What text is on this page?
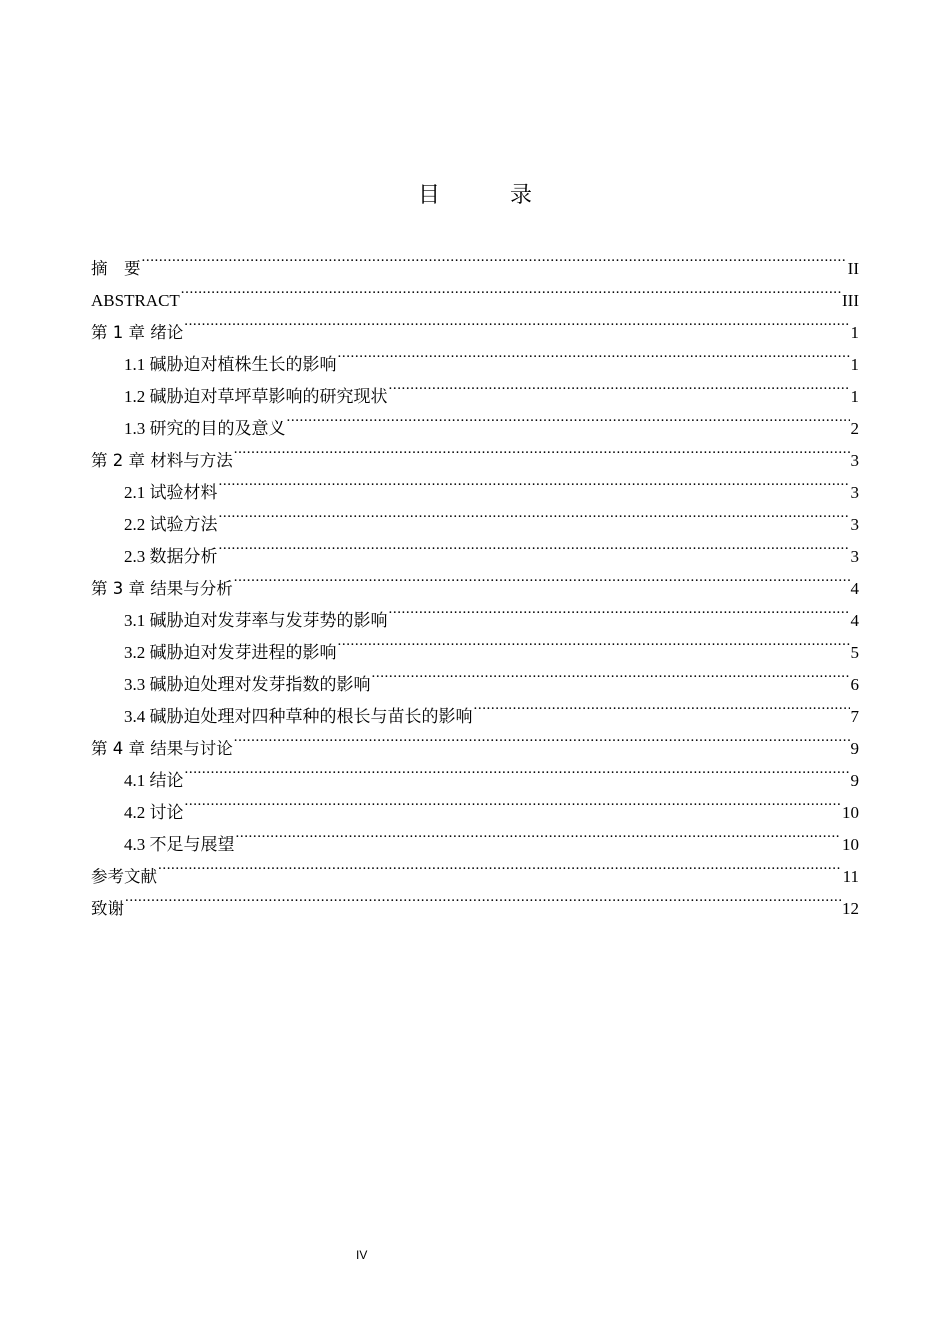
目　录
摘　要 .....	II
ABSTRACT .....	III
第 1 章 绪论 .....	1
1.1 碱胁迫对植株生长的影响 .....	1
1.2 碱胁迫对草坪草影响的研究现状 .....	1
1.3 研究的目的及意义 .....	2
第 2 章 材料与方法 .....	3
2.1 试验材料 .....	3
2.2 试验方法 .....	3
2.3 数据分析 .....	3
第 3 章 结果与分析 .....	4
3.1 碱胁迫对发芽率与发芽势的影响 .....	4
3.2 碱胁迫对发芽进程的影响 .....	5
3.3 碱胁迫处理对发芽指数的影响 .....	6
3.4 碱胁迫处理对四种草种的根长与苗长的影响 .....	7
第 4 章 结果与讨论 .....	9
4.1 结论 .....	9
4.2 讨论 .....	10
4.3 不足与展望 .....	10
参考文献 .....	11
致谢 .....	12
IV
